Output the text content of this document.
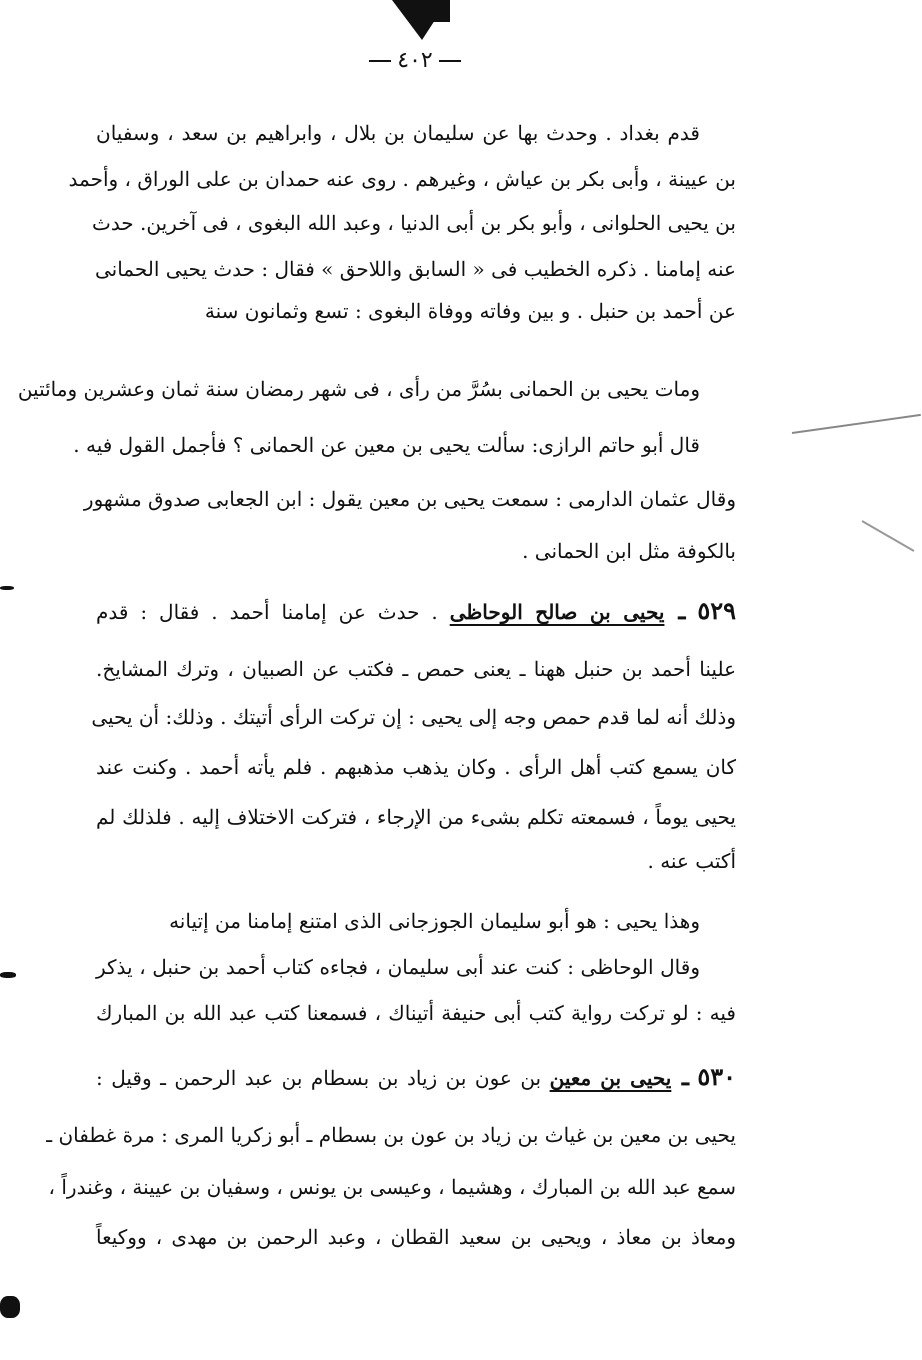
٤٠٢
قدم بغداد . وحدث بها عن سليمان بن بلال ، وابراهيم بن سعد ، وسفيان
بن عيينة ، وأبى بكر بن عياش ، وغيرهم . روى عنه حمدان بن على الوراق ، وأحمد
بن يحيى الحلوانى ، وأبو بكر بن أبى الدنيا ، وعبد الله البغوى ، فى آخرين. حدث
عنه إمامنا . ذكره الخطيب فى « السابق واللاحق » فقال : حدث يحيى الحمانى
عن أحمد بن حنبل . و بين وفاته ووفاة البغوى : تسع وثمانون سنة
ومات يحيى بن الحمانى بسُرَّ من رأى ، فى شهر رمضان سنة ثمان وعشرين ومائتين
قال أبو حاتم الرازى: سألت يحيى بن معين عن الحمانى ؟ فأجمل القول فيه .
وقال عثمان الدارمى : سمعت يحيى بن معين يقول : ابن الجعابى صدوق مشهور
بالكوفة مثل ابن الحمانى .
٥٢٩ ـ يحيى بن صالح الوحاظى . حدث عن إمامنا أحمد . فقال : قدم
علينا أحمد بن حنبل ههنا ـ يعنى حمص ـ فكتب عن الصبيان ، وترك المشايخ.
وذلك أنه لما قدم حمص وجه إلى يحيى : إن تركت الرأى أتيتك . وذلك: أن يحيى
كان يسمع كتب أهل الرأى . وكان يذهب مذهبهم . فلم يأته أحمد . وكنت عند
يحيى يوماً ، فسمعته تكلم بشىء من الإرجاء ، فتركت الاختلاف إليه . فلذلك لم
أكتب عنه .
وهذا يحيى : هو أبو سليمان الجوزجانى الذى امتنع إمامنا من إتيانه
وقال الوحاظى : كنت عند أبى سليمان ، فجاءه كتاب أحمد بن حنبل ، يذكر
فيه : لو تركت رواية كتب أبى حنيفة أتيناك ، فسمعنا كتب عبد الله بن المبارك
٥٣٠ ـ يحيى بن معين بن عون بن زياد بن بسطام بن عبد الرحمن ـ وقيل :
يحيى بن معين بن غياث بن زياد بن عون بن بسطام ـ أبو زكريا المرى : مرة غطفان ـ
سمع عبد الله بن المبارك ، وهشيما ، وعيسى بن يونس ، وسفيان بن عيينة ، وغندراً ،
ومعاذ بن معاذ ، ويحيى بن سعيد القطان ، وعبد الرحمن بن مهدى ، ووكيعاً
